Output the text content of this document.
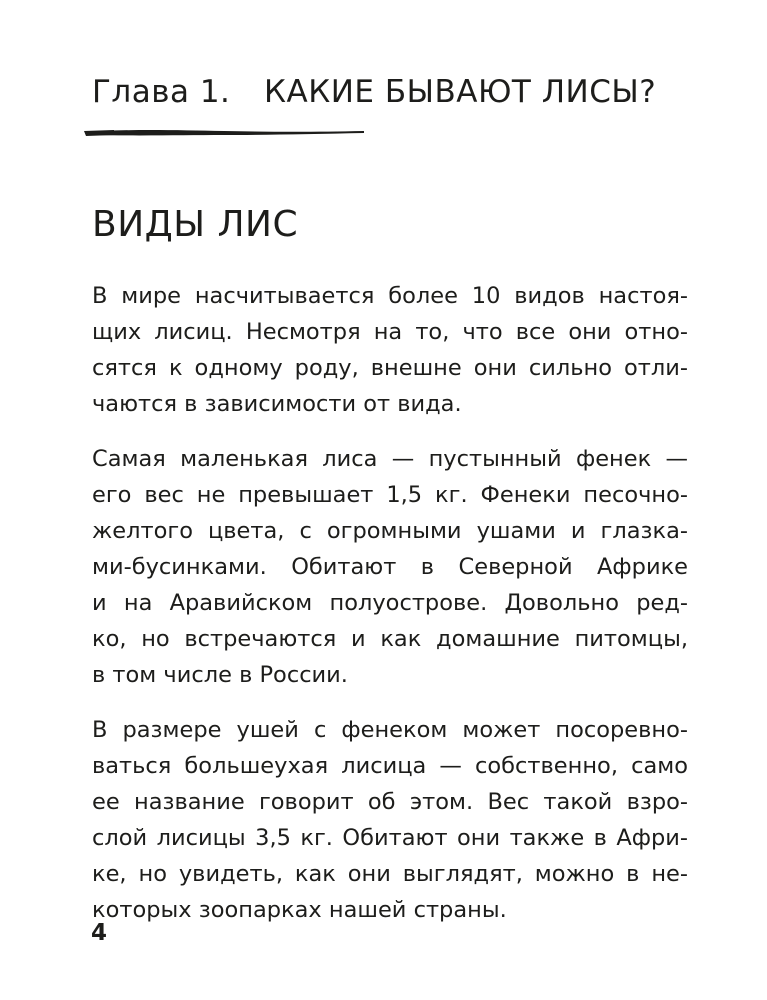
Глава 1. КАКИЕ БЫВАЮТ ЛИСЫ?
ВИДЫ ЛИС

В мире насчитывается более 10 видов настоя-
щих лисиц. Несмотря на то, что все они отно-
сятся к одному роду, внешне они сильно отли-
чаются в зависимости от вида.

Самая маленькая лиса — пустынный фенек —
его вес не превышает 1,5 кг. Фенеки песочно-
желтого цвета, с огромными ушами и глазка-
ми-бусинками. Обитают в Северной Африке
и на Аравийском полуострове. Довольно ред-
ко, но встречаются и как домашние питомцы,
в том числе в России.

В размере ушей с фенеком может посоревно-
ваться большеухая лисица — собственно, само
ее название говорит об этом. Вес такой взро-
слой лисицы 3,5 кг. Обитают они также в Афри-
ке, но увидеть, как они выглядят, можно в не-
которых зоопарках нашей страны.

4
